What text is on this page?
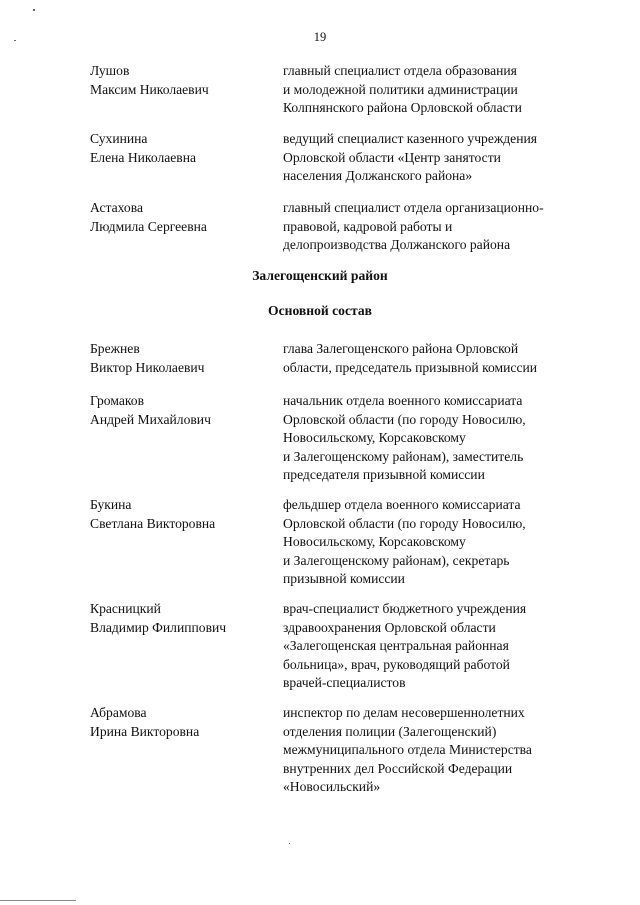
19
Лушов
Максим Николаевич
главный специалист отдела образования
и молодежной политики администрации
Колпнянского района Орловской области
Сухинина
Елена Николаевна
ведущий специалист казенного учреждения
Орловской области «Центр занятости
населения Должанского района»
Астахова
Людмила Сергеевна
главный специалист отдела организационно-
правовой, кадровой работы и
делопроизводства Должанского района
Залегощенский район
Основной состав
Брежнев
Виктор Николаевич
глава Залегощенского района Орловской
области, председатель призывной комиссии
Громаков
Андрей Михайлович
начальник отдела военного комиссариата
Орловской области (по городу Новосилю,
Новосильскому, Корсаковскому
и Залегощенскому районам), заместитель
председателя призывной комиссии
Букина
Светлана Викторовна
фельдшер отдела военного комиссариата
Орловской области (по городу Новосилю,
Новосильскому, Корсаковскому
и Залегощенскому районам), секретарь
призывной комиссии
Красницкий
Владимир Филиппович
врач-специалист бюджетного учреждения
здравоохранения Орловской области
«Залегощенская центральная районная
больница», врач, руководящий работой
врачей-специалистов
Абрамова
Ирина Викторовна
инспектор по делам несовершеннолетних
отделения полиции (Залегощенский)
межмуниципального отдела Министерства
внутренних дел Российской Федерации
«Новосильский»
